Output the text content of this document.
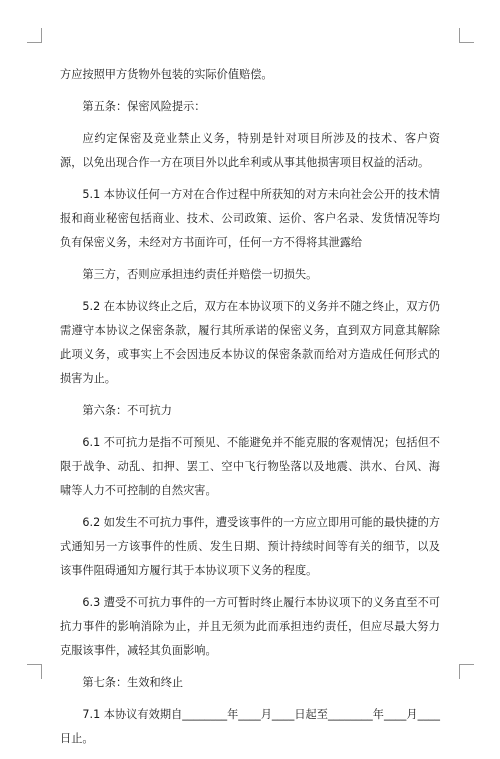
方应按照甲方货物外包装的实际价值赔偿。

第五条：保密风险提示：

应约定保密及竞业禁止义务，特别是针对项目所涉及的技术、客户资源，以免出现合作一方在项目外以此牟利或从事其他损害项目权益的活动。

5.1 本协议任何一方对在合作过程中所获知的对方未向社会公开的技术情报和商业秘密包括商业、技术、公司政策、运价、客户名录、发货情况等均负有保密义务，未经对方书面许可，任何一方不得将其泄露给

第三方，否则应承担违约责任并赔偿一切损失。

5.2 在本协议终止之后，双方在本协议项下的义务并不随之终止，双方仍需遵守本协议之保密条款，履行其所承诺的保密义务，直到双方同意其解除此项义务，或事实上不会因违反本协议的保密条款而给对方造成任何形式的损害为止。

第六条：不可抗力

6.1 不可抗力是指不可预见、不能避免并不能克服的客观情况；包括但不限于战争、动乱、扣押、罢工、空中飞行物坠落以及地震、洪水、台风、海啸等人力不可控制的自然灾害。

6.2 如发生不可抗力事件，遭受该事件的一方应立即用可能的最快捷的方式通知另一方该事件的性质、发生日期、预计持续时间等有关的细节，以及该事件阻碍通知方履行其于本协议项下义务的程度。

6.3 遭受不可抗力事件的一方可暂时终止履行本协议项下的义务直至不可抗力事件的影响消除为止，并且无须为此而承担违约责任，但应尽最大努力克服该事件，减轻其负面影响。

第七条：生效和终止

7.1 本协议有效期自________年____月____日起至________年____月____日止。
